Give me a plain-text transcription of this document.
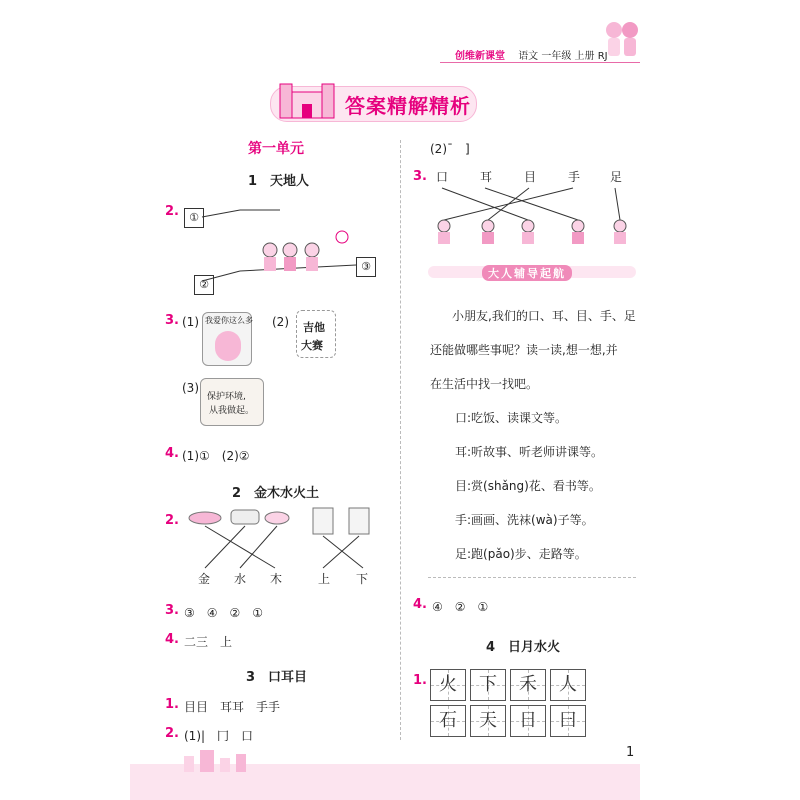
创维新课堂 语文 一年级 上册 RJ
答案精解精析
第一单元
1　天地人
2. ①
②
③
3. (1) 我爱你这么多 (2) 吉他
大赛
(3)
保护环境,
从我做起。
4. (1)①　(2)②
2　金木水火土
2.
金 水 木	上 下
3. ③　④　②　①
4. 二三　上
3　口耳目
1. 目目　耳耳　手手
2. (1)|　冂　口
(2)¯　]
3. 口	耳	目	手 足
大人辅导起航
小朋友,我们的口、耳、目、手、足
还能做哪些事呢？读一读,想一想,并
在生活中找一找吧。
口:吃饭、读课文等。
耳:听故事、听老师讲课等。
目:赏(shǎng)花、看书等。
手:画画、洗袜(wà)子等。
足:跑(pǎo)步、走路等。
4. ④　②　①
4　日月水火
1. 火	下	禾	人
石	天	日	曰
1
